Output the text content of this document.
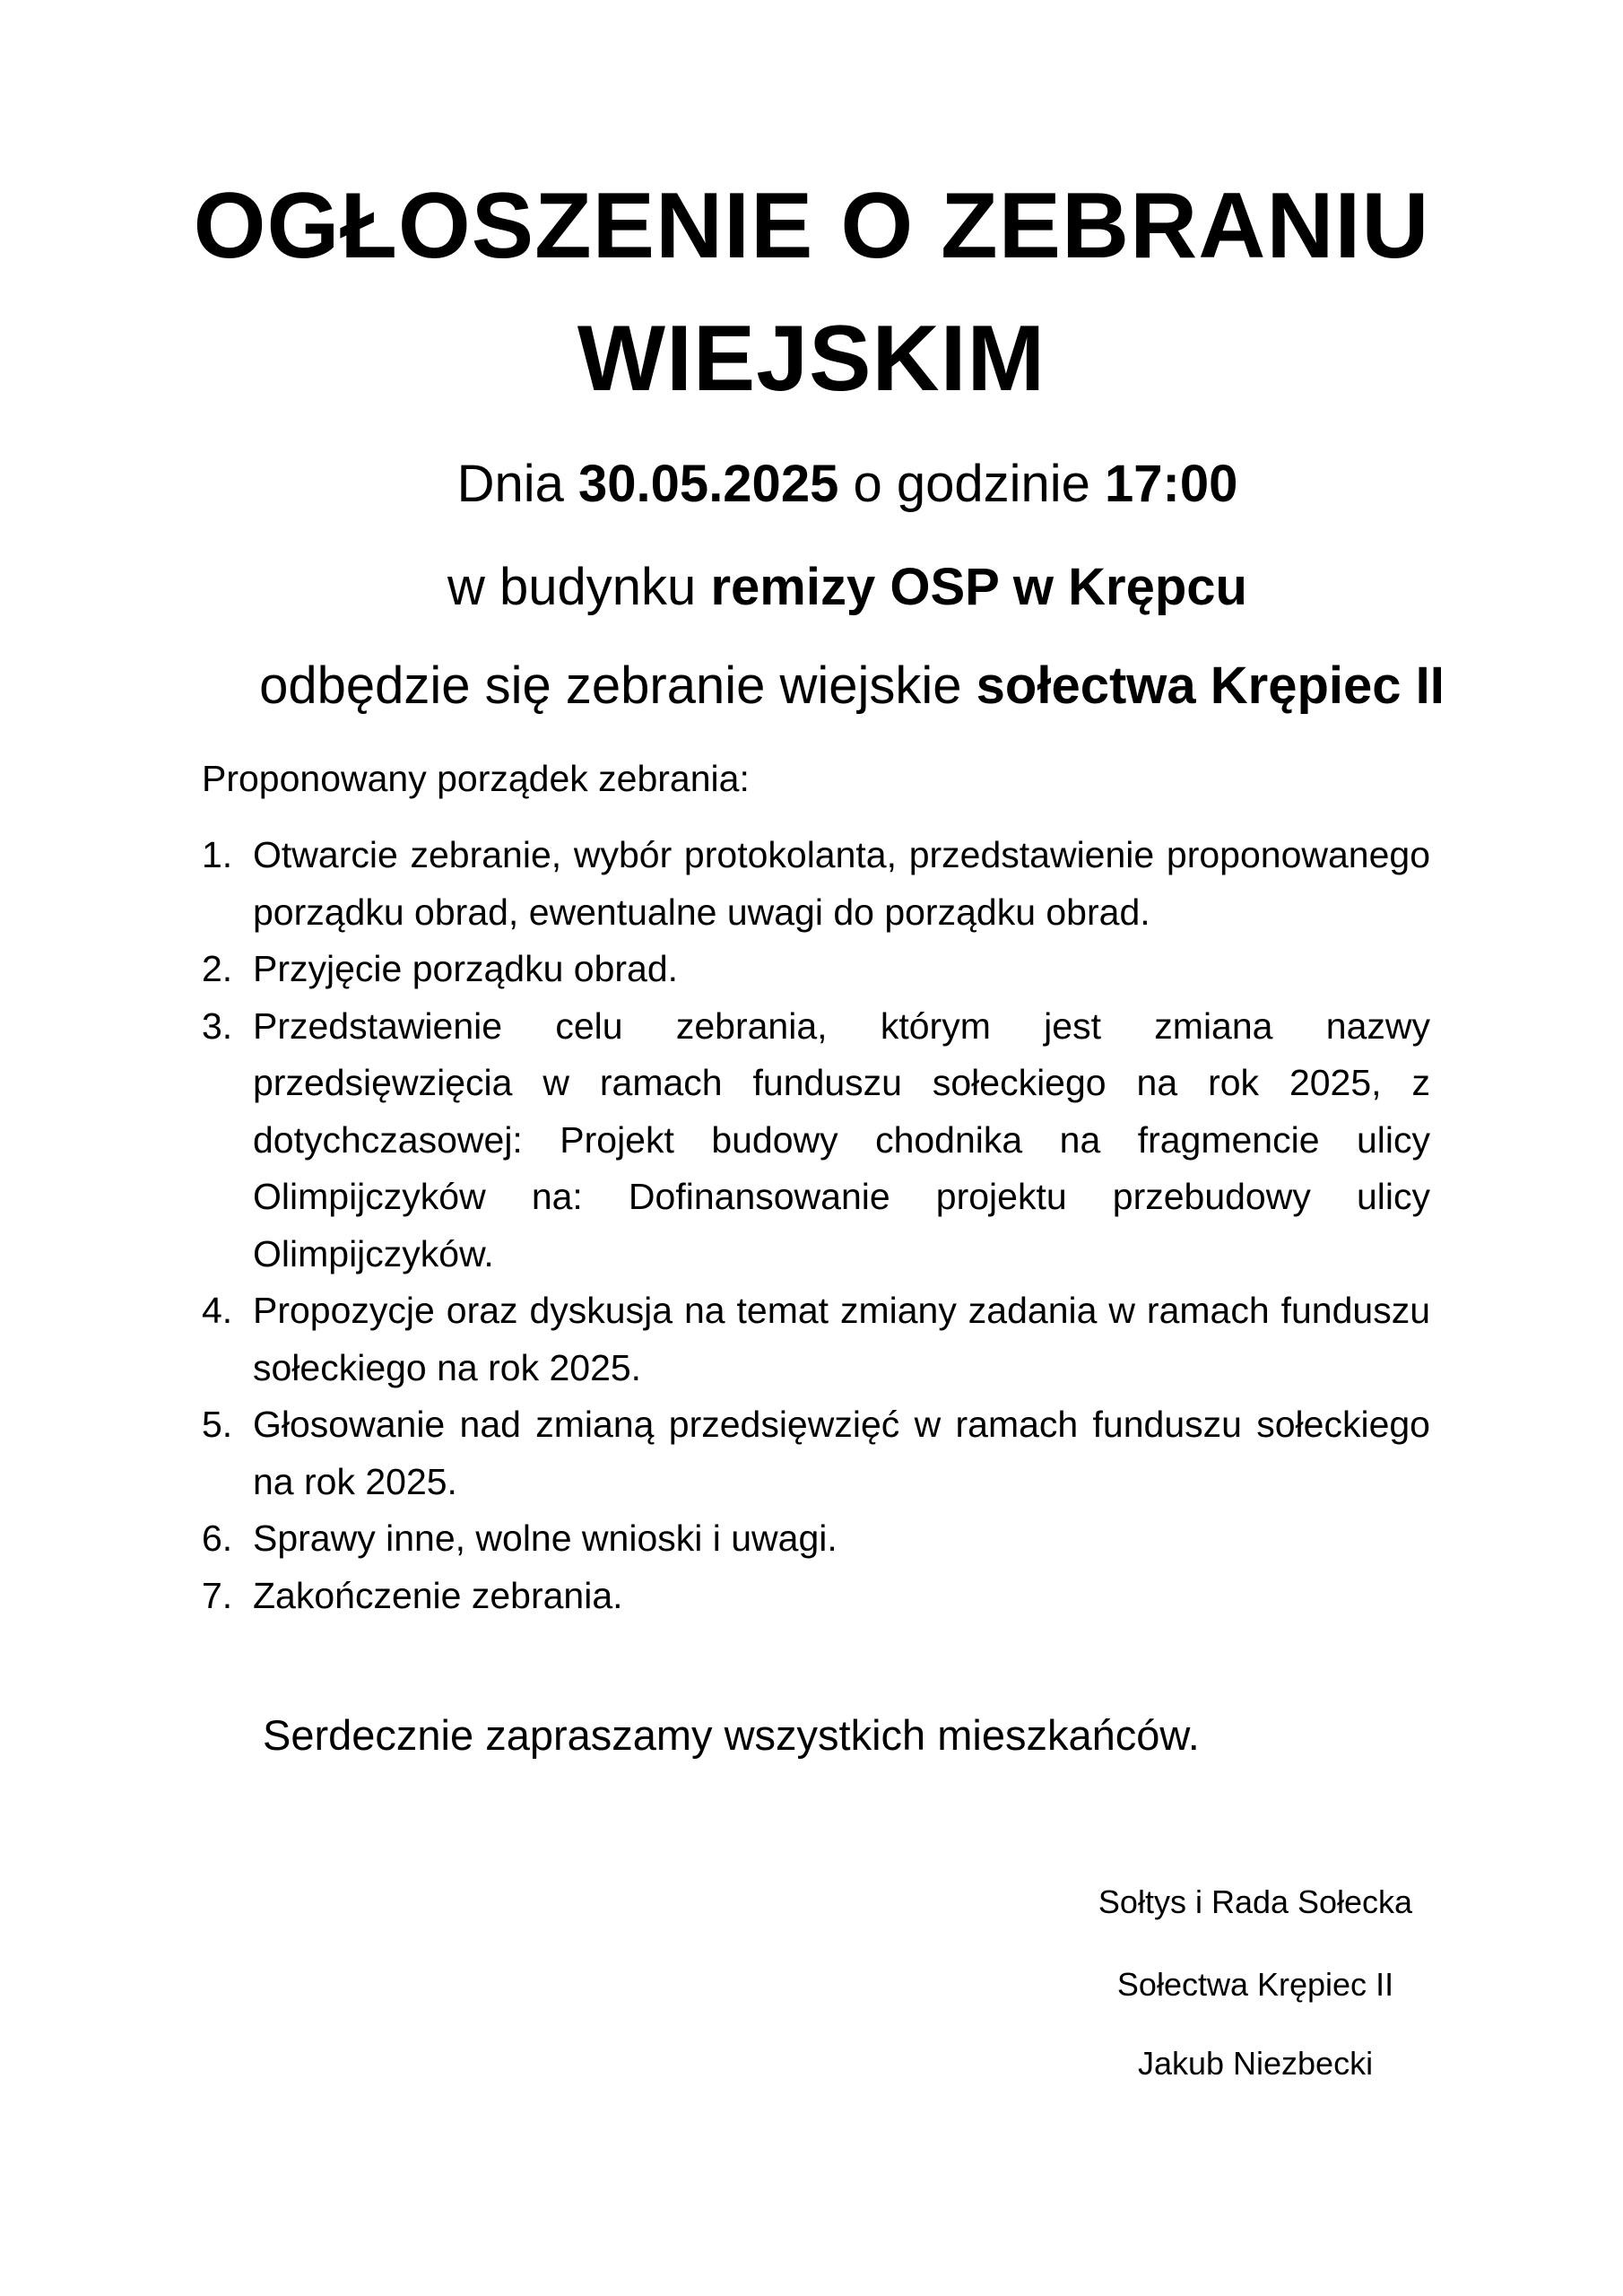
OGŁOSZENIE O ZEBRANIU
WIEJSKIM

Dnia 30.05.2025 o godzinie 17:00

w budynku remizy OSP w Krępcu

odbędzie się zebranie wiejskie sołectwa Krępiec II

Proponowany porządek zebrania:

1. Otwarcie zebranie, wybór protokolanta, przedstawienie proponowanego porządku obrad, ewentualne uwagi do porządku obrad.
2. Przyjęcie porządku obrad.
3. Przedstawienie celu zebrania, którym jest zmiana nazwy przedsięwzięcia w ramach funduszu sołeckiego na rok 2025, z dotychczasowej: Projekt budowy chodnika na fragmencie ulicy Olimpijczyków na: Dofinansowanie projektu przebudowy ulicy Olimpijczyków.
4. Propozycje oraz dyskusja na temat zmiany zadania w ramach funduszu sołeckiego na rok 2025.
5. Głosowanie nad zmianą przedsięwzięć w ramach funduszu sołeckiego na rok 2025.
6. Sprawy inne, wolne wnioski i uwagi.
7. Zakończenie zebrania.

Serdecznie zapraszamy wszystkich mieszkańców.

Sołtys i Rada Sołecka

Sołectwa Krępiec II

Jakub Niezbecki
